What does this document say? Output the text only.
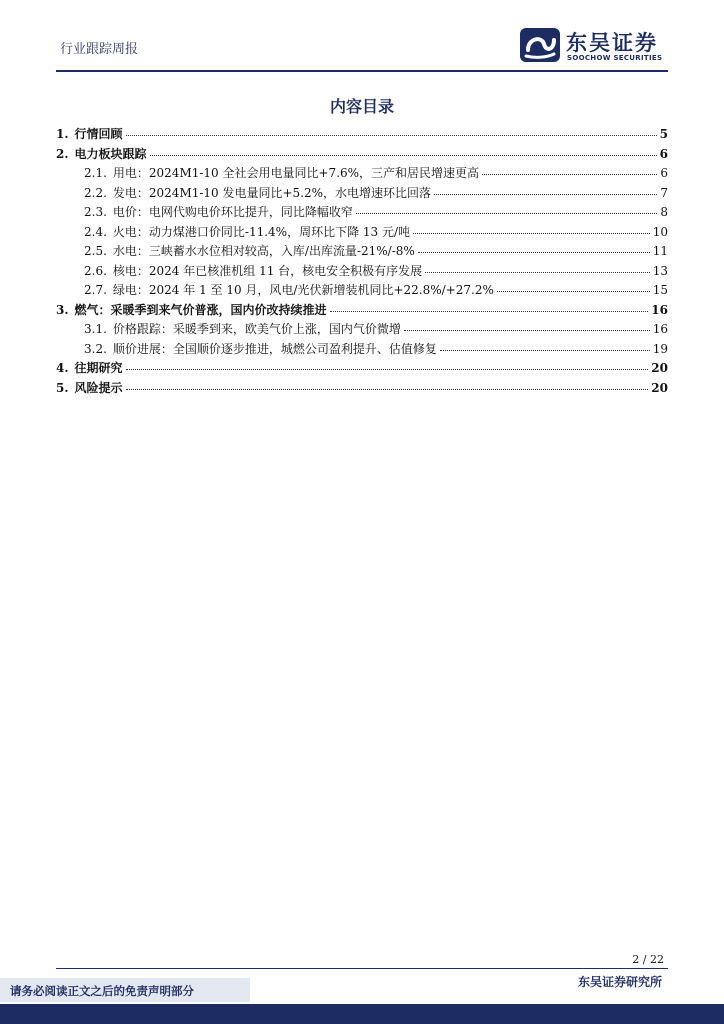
行业跟踪周报	东吴证券
SOOCHOW SECURITIES
内容目录
1. 行情回顾	5
2. 电力板块跟踪	6
2.1. 用电：2024M1-10 全社会用电量同比+7.6%，三产和居民增速更高	6
2.2. 发电：2024M1-10 发电量同比+5.2%，水电增速环比回落	7
2.3. 电价：电网代购电价环比提升，同比降幅收窄	8
2.4. 火电：动力煤港口价同比-11.4%，周环比下降 13 元/吨	10
2.5. 水电：三峡蓄水水位相对较高，入库/出库流量-21%/-8%	11
2.6. 核电：2024 年已核准机组 11 台，核电安全积极有序发展	13
2.7. 绿电：2024 年 1 至 10 月，风电/光伏新增装机同比+22.8%/+27.2%	15
3. 燃气：采暖季到来气价普涨，国内价改持续推进	16
3.1. 价格跟踪：采暖季到来，欧美气价上涨，国内气价微增	16
3.2. 顺价进展：全国顺价逐步推进，城燃公司盈利提升、估值修复	19
4. 往期研究	20
5. 风险提示	20
2 / 22
东吴证券研究所
请务必阅读正文之后的免责声明部分
